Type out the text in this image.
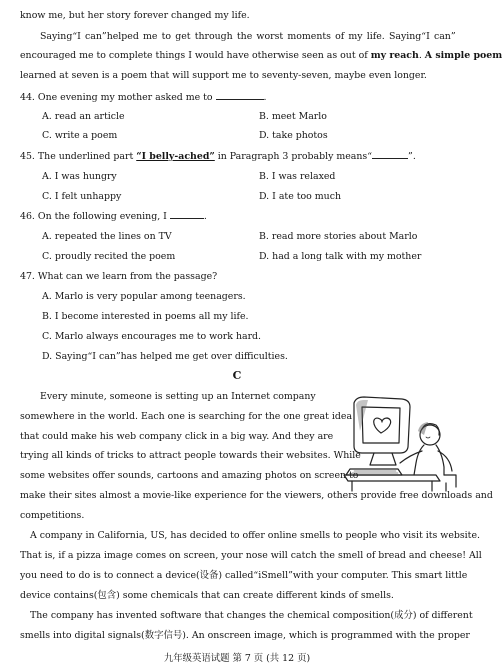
know me, but her story forever changed my life.
Saying“I can”helped me to get through the worst moments of my life. Saying“I can”
encouraged me to complete things I would have otherwise seen as out of my reach. A simple poem
learned at seven is a poem that will support me to seventy-seven, maybe even longer.
44. One evening my mother asked me to	.
A. read an article	B. meet Marlo
C. write a poem	D. take photos
45. The underlined part “I belly-ached” in Paragraph 3 probably means“	”.
A. I was hungry	B. I was relaxed
C. I felt unhappy	D. I ate too much
46. On the following evening, I	.
A. repeated the lines on TV	B. read more stories about Marlo
C. proudly recited the poem	D. had a long talk with my mother
47. What can we learn from the passage?
A. Marlo is very popular among teenagers.
B. I become interested in poems all my life.
C. Marlo always encourages me to work hard.
D. Saying“I can”has helped me get over difficulties.
C
Every minute, someone is setting up an Internet company
somewhere in the world. Each one is searching for the one great idea
that could make his web company click in a big way. And they are
trying all kinds of tricks to attract people towards their websites. While
some websites offer sounds, cartoons and amazing photos on screen to
make their sites almost a movie-like experience for the viewers, others provide free downloads and
competitions.
A company in California, US, has decided to offer online smells to people who visit its website.
That is, if a pizza image comes on screen, your nose will catch the smell of bread and cheese! All
you need to do is to connect a device(设备) called“iSmell”with your computer. This smart little
device contains(包含) some chemicals that can create different kinds of smells.
The company has invented software that changes the chemical composition(成分) of different
smells into digital signals(数字信号). An onscreen image, which is programmed with the proper
九年级英语试题 第 7 页 (共 12 页)
